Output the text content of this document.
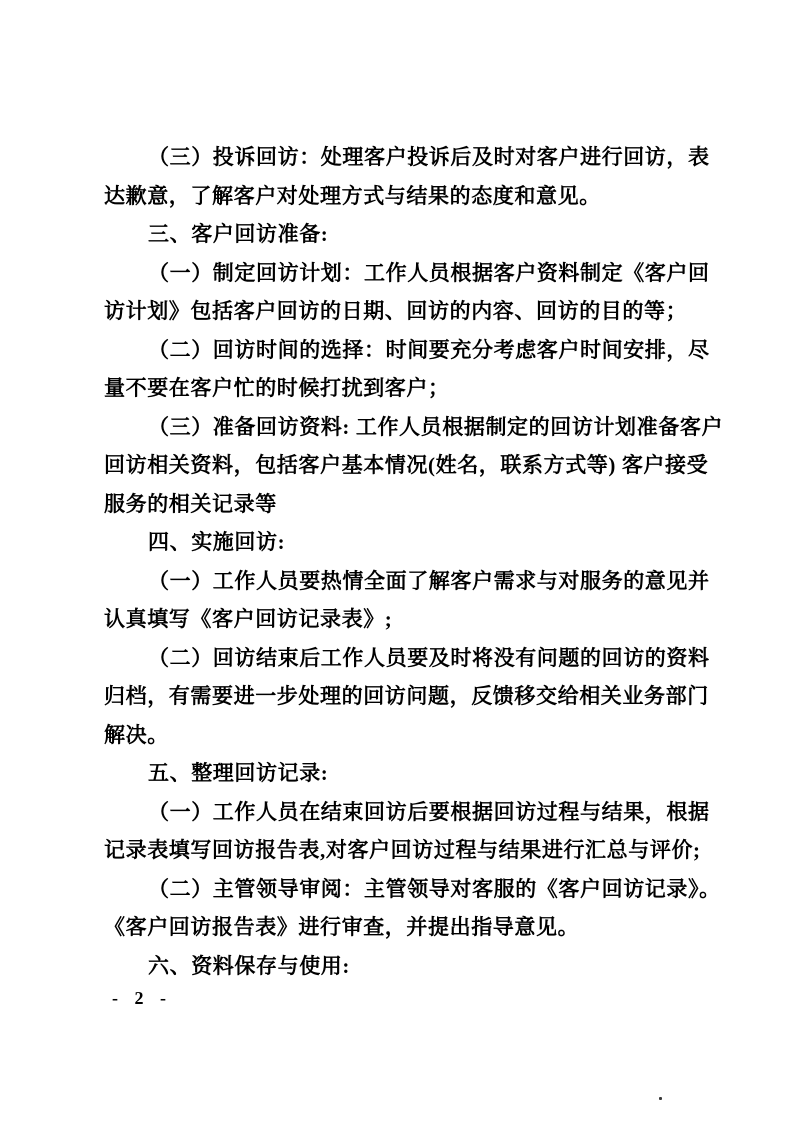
（三）投诉回访：处理客户投诉后及时对客户进行回访，表
达歉意，了解客户对处理方式与结果的态度和意见。
三、客户回访准备:
（一）制定回访计划：工作人员根据客户资料制定《客户回
访计划》包括客户回访的日期、回访的内容、回访的目的等；
（二）回访时间的选择：时间要充分考虑客户时间安排，尽
量不要在客户忙的时候打扰到客户；
（三）准备回访资料: 工作人员根据制定的回访计划准备客户
回访相关资料，包括客户基本情况(姓名，联系方式等) 客户接受
服务的相关记录等
四、实施回访:
（一）工作人员要热情全面了解客户需求与对服务的意见并
认真填写《客户回访记录表》;
（二）回访结束后工作人员要及时将没有问题的回访的资料
归档，有需要进一步处理的回访问题，反馈移交给相关业务部门
解决。
五、整理回访记录:
（一）工作人员在结束回访后要根据回访过程与结果，根据
记录表填写回访报告表,对客户回访过程与结果进行汇总与评价;
（二）主管领导审阅：主管领导对客服的《客户回访记录》。
《客户回访报告表》进行审查，并提出指导意见。
六、资料保存与使用:
- 2 -
